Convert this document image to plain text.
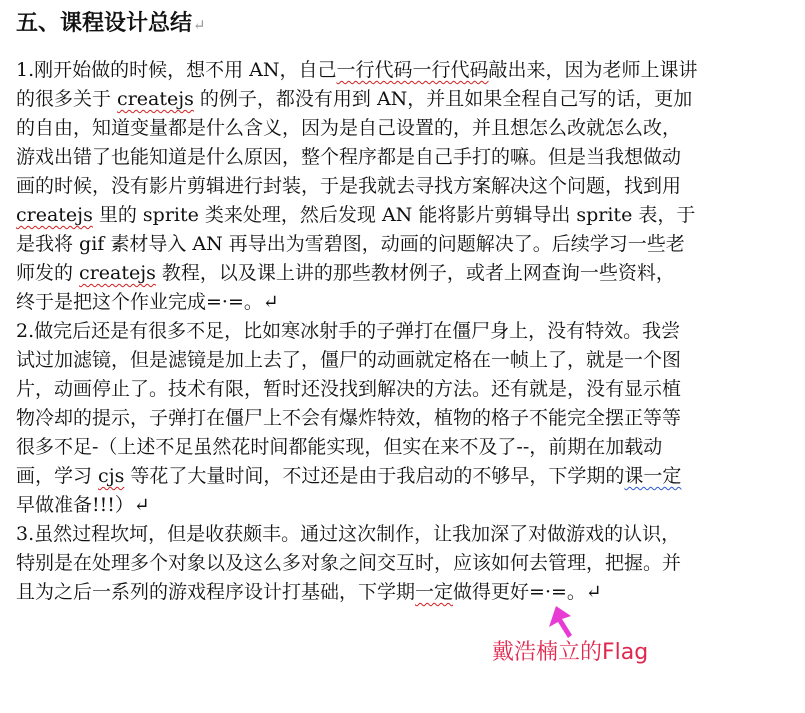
五、课程设计总结↵
1.刚开始做的时候，想不用 AN，自己一行代码一行代码敲出来，因为老师上课讲
的很多关于 createjs 的例子，都没有用到 AN，并且如果全程自己写的话，更加
的自由，知道变量都是什么含义，因为是自己设置的，并且想怎么改就怎么改，
游戏出错了也能知道是什么原因，整个程序都是自己手打的嘛。但是当我想做动
画的时候，没有影片剪辑进行封装，于是我就去寻找方案解决这个问题，找到用
createjs 里的 sprite 类来处理，然后发现 AN 能将影片剪辑导出 sprite 表，于
是我将 gif 素材导入 AN 再导出为雪碧图，动画的问题解决了。后续学习一些老
师发的 createjs 教程，以及课上讲的那些教材例子，或者上网查询一些资料，
终于是把这个作业完成=·=。↵
2.做完后还是有很多不足，比如寒冰射手的子弹打在僵尸身上，没有特效。我尝
试过加滤镜，但是滤镜是加上去了，僵尸的动画就定格在一帧上了，就是一个图
片，动画停止了。技术有限，暂时还没找到解决的方法。还有就是，没有显示植
物冷却的提示，子弹打在僵尸上不会有爆炸特效，植物的格子不能完全摆正等等
很多不足-（上述不足虽然花时间都能实现，但实在来不及了--，前期在加载动
画，学习 cjs 等花了大量时间，不过还是由于我启动的不够早，下学期的课一定
早做准备!!!）↵
3.虽然过程坎坷，但是收获颇丰。通过这次制作，让我加深了对做游戏的认识，
特别是在处理多个对象以及这么多对象之间交互时，应该如何去管理，把握。并
且为之后一系列的游戏程序设计打基础，下学期一定做得更好=·=。↵
戴浩楠立的Flag
